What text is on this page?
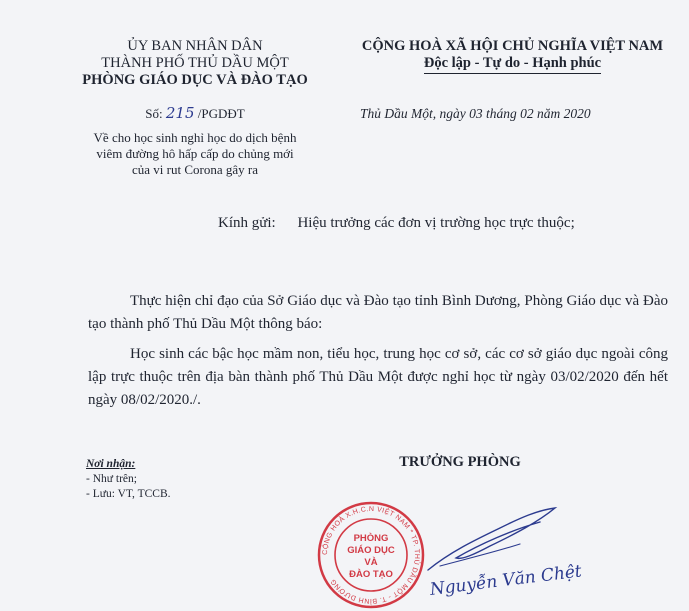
ỦY BAN NHÂN DÂN
THÀNH PHỐ THỦ DẦU MỘT
PHÒNG GIÁO DỤC VÀ ĐÀO TẠO
CỘNG HOÀ XÃ HỘI CHỦ NGHĨA VIỆT NAM
Độc lập - Tự do - Hạnh phúc
Số: 215 /PGDĐT
Về cho học sinh nghỉ học do dịch bệnh
viêm đường hô hấp cấp do chủng mới
của vi rut Corona gây ra
Thủ Dầu Một, ngày 03 tháng 02 năm 2020
Kính gửi: Hiệu trưởng các đơn vị trường học trực thuộc;

Thực hiện chỉ đạo của Sở Giáo dục và Đào tạo tỉnh Bình Dương, Phòng Giáo dục và Đào tạo thành phố Thủ Dầu Một thông báo:

Học sinh các bậc học mầm non, tiểu học, trung học cơ sở, các cơ sở giáo dục ngoài công lập trực thuộc trên địa bàn thành phố Thủ Dầu Một được nghỉ học từ ngày 03/02/2020 đến hết ngày 08/02/2020./.

Nơi nhận:
- Như trên;
- Lưu: VT, TCCB.
TRƯỞNG PHÒNG
CỘNG HOÀ X.H.C.N VIỆT NAM * TP. THỦ DẦU MỘT - T. BÌNH DƯƠNG
PHÒNG
GIÁO DỤC
VÀ
ĐÀO TẠO Nguyễn Văn Chệt
